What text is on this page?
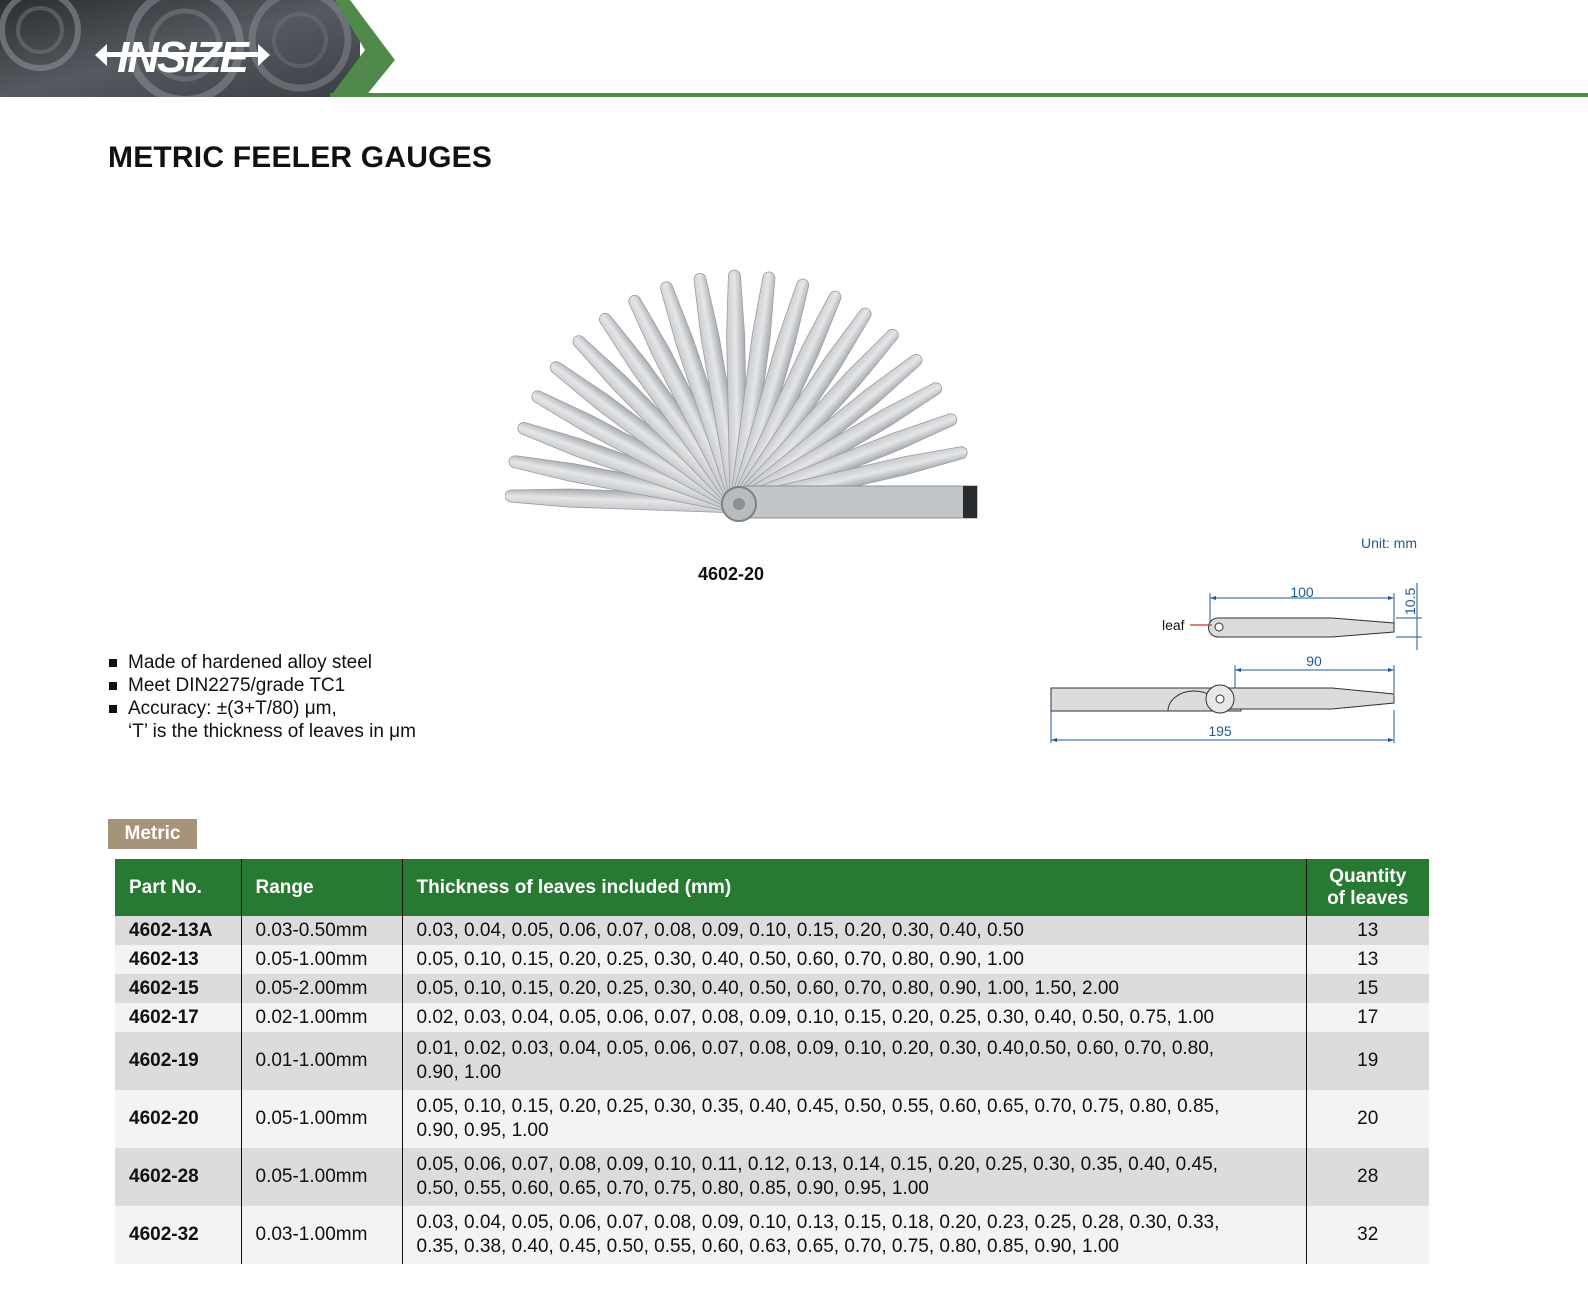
INSIZE
METRIC FEELER GAUGES
4602-20
Unit: mm
leaf
100
90
195
10.5
Made of hardened alloy steel
Meet DIN2275/grade TC1
Accuracy: ±(3+T/80) μm,
‘T’ is the thickness of leaves in μm
Metric
Part No.	Range	Thickness of leaves included (mm)	Quantity
of leaves
4602-13A	0.03-0.50mm	0.03, 0.04, 0.05, 0.06, 0.07, 0.08, 0.09, 0.10, 0.15, 0.20, 0.30, 0.40, 0.50	13
4602-13	0.05-1.00mm	0.05, 0.10, 0.15, 0.20, 0.25, 0.30, 0.40, 0.50, 0.60, 0.70, 0.80, 0.90, 1.00	13
4602-15	0.05-2.00mm	0.05, 0.10, 0.15, 0.20, 0.25, 0.30, 0.40, 0.50, 0.60, 0.70, 0.80, 0.90, 1.00, 1.50, 2.00	15
4602-17	0.02-1.00mm	0.02, 0.03, 0.04, 0.05, 0.06, 0.07, 0.08, 0.09, 0.10, 0.15, 0.20, 0.25, 0.30, 0.40, 0.50, 0.75, 1.00	17
4602-19	0.01-1.00mm	0.01, 0.02, 0.03, 0.04, 0.05, 0.06, 0.07, 0.08, 0.09, 0.10, 0.20, 0.30, 0.40,0.50, 0.60, 0.70, 0.80,
0.90, 1.00	19
4602-20	0.05-1.00mm	0.05, 0.10, 0.15, 0.20, 0.25, 0.30, 0.35, 0.40, 0.45, 0.50, 0.55, 0.60, 0.65, 0.70, 0.75, 0.80, 0.85,
0.90, 0.95, 1.00	20
4602-28	0.05-1.00mm	0.05, 0.06, 0.07, 0.08, 0.09, 0.10, 0.11, 0.12, 0.13, 0.14, 0.15, 0.20, 0.25, 0.30, 0.35, 0.40, 0.45,
0.50, 0.55, 0.60, 0.65, 0.70, 0.75, 0.80, 0.85, 0.90, 0.95, 1.00	28
4602-32	0.03-1.00mm	0.03, 0.04, 0.05, 0.06, 0.07, 0.08, 0.09, 0.10, 0.13, 0.15, 0.18, 0.20, 0.23, 0.25, 0.28, 0.30, 0.33,
0.35, 0.38, 0.40, 0.45, 0.50, 0.55, 0.60, 0.63, 0.65, 0.70, 0.75, 0.80, 0.85, 0.90, 1.00	32
